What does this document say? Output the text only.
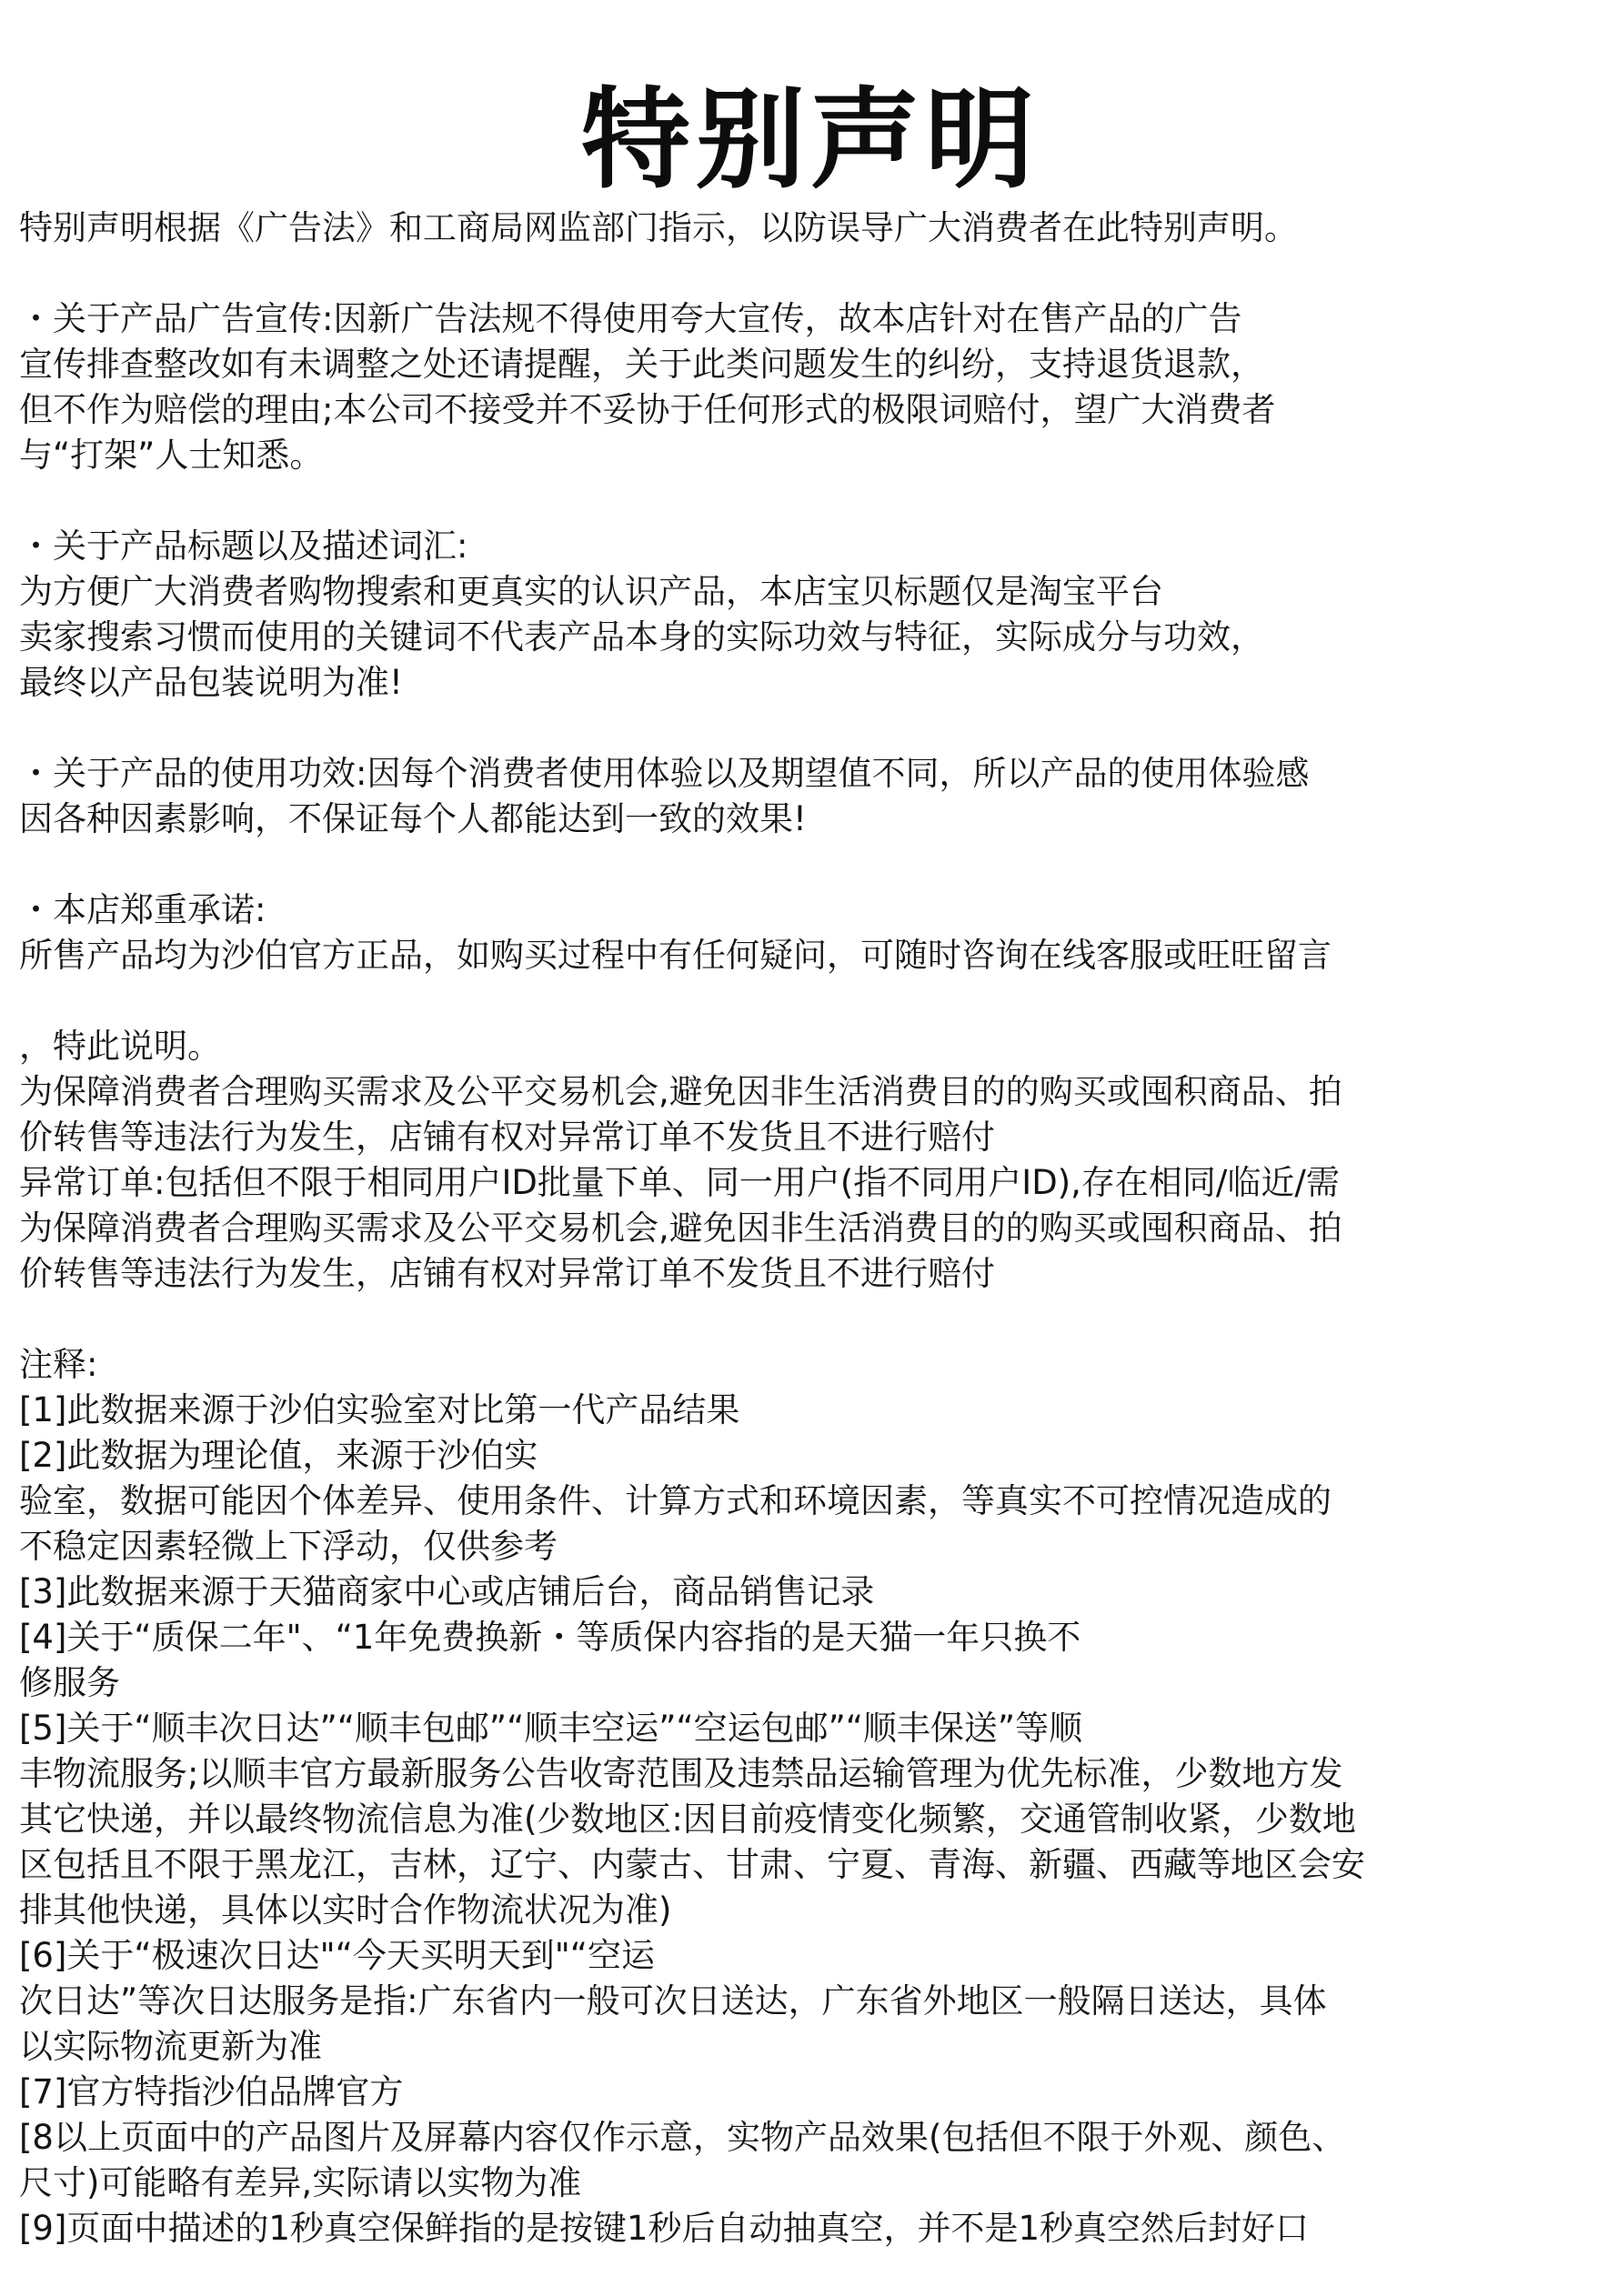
特别声明
特别声明根据《广告法》和工商局网监部门指示，以防误导广大消费者在此特别声明。
・关于产品广告宣传:因新广告法规不得使用夸大宣传，故本店针对在售产品的广告
宣传排查整改如有未调整之处还请提醒，关于此类问题发生的纠纷，支持退货退款，
但不作为赔偿的理由;本公司不接受并不妥协于任何形式的极限词赔付，望广大消费者
与“打架”人士知悉。
・关于产品标题以及描述词汇:
为方便广大消费者购物搜索和更真实的认识产品，本店宝贝标题仅是淘宝平台
卖家搜索习惯而使用的关键词不代表产品本身的实际功效与特征，实际成分与功效，
最终以产品包装说明为准!
・关于产品的使用功效:因每个消费者使用体验以及期望值不同，所以产品的使用体验感
因各种因素影响，不保证每个人都能达到一致的效果!
・本店郑重承诺:
所售产品均为沙伯官方正品，如购买过程中有任何疑问，可随时咨询在线客服或旺旺留言
，特此说明。
为保障消费者合理购买需求及公平交易机会,避免因非生活消费目的的购买或囤积商品、拍
价转售等违法行为发生，店铺有权对异常订单不发货且不进行赔付
异常订单:包括但不限于相同用户ID批量下单、同一用户(指不同用户ID),存在相同/临近/需
为保障消费者合理购买需求及公平交易机会,避免因非生活消费目的的购买或囤积商品、拍
价转售等违法行为发生，店铺有权对异常订单不发货且不进行赔付
注释:
[1]此数据来源于沙伯实验室对比第一代产品结果
[2]此数据为理论值，来源于沙伯实
验室，数据可能因个体差异、使用条件、计算方式和环境因素，等真实不可控情况造成的
不稳定因素轻微上下浮动，仅供参考
[3]此数据来源于天猫商家中心或店铺后台，商品销售记录
[4]关于“质保二年"、“1年免费换新・等质保内容指的是天猫一年只换不
修服务
[5]关于“顺丰次日达”“顺丰包邮”“顺丰空运”“空运包邮”“顺丰保送”等顺
丰物流服务;以顺丰官方最新服务公告收寄范围及违禁品运输管理为优先标准，少数地方发
其它快递，并以最终物流信息为准(少数地区:因目前疫情变化频繁，交通管制收紧，少数地
区包括且不限于黑龙江，吉林，辽宁、内蒙古、甘肃、宁夏、青海、新疆、西藏等地区会安
排其他快递，具体以实时合作物流状况为准)
[6]关于“极速次日达"“今天买明天到"“空运
次日达”等次日达服务是指:广东省内一般可次日送达，广东省外地区一般隔日送达，具体
以实际物流更新为准
[7]官方特指沙伯品牌官方
[8以上页面中的产品图片及屏幕内容仅作示意，实物产品效果(包括但不限于外观、颜色、
尺寸)可能略有差异,实际请以实物为准
[9]页面中描述的1秒真空保鲜指的是按键1秒后自动抽真空，并不是1秒真空然后封好口
